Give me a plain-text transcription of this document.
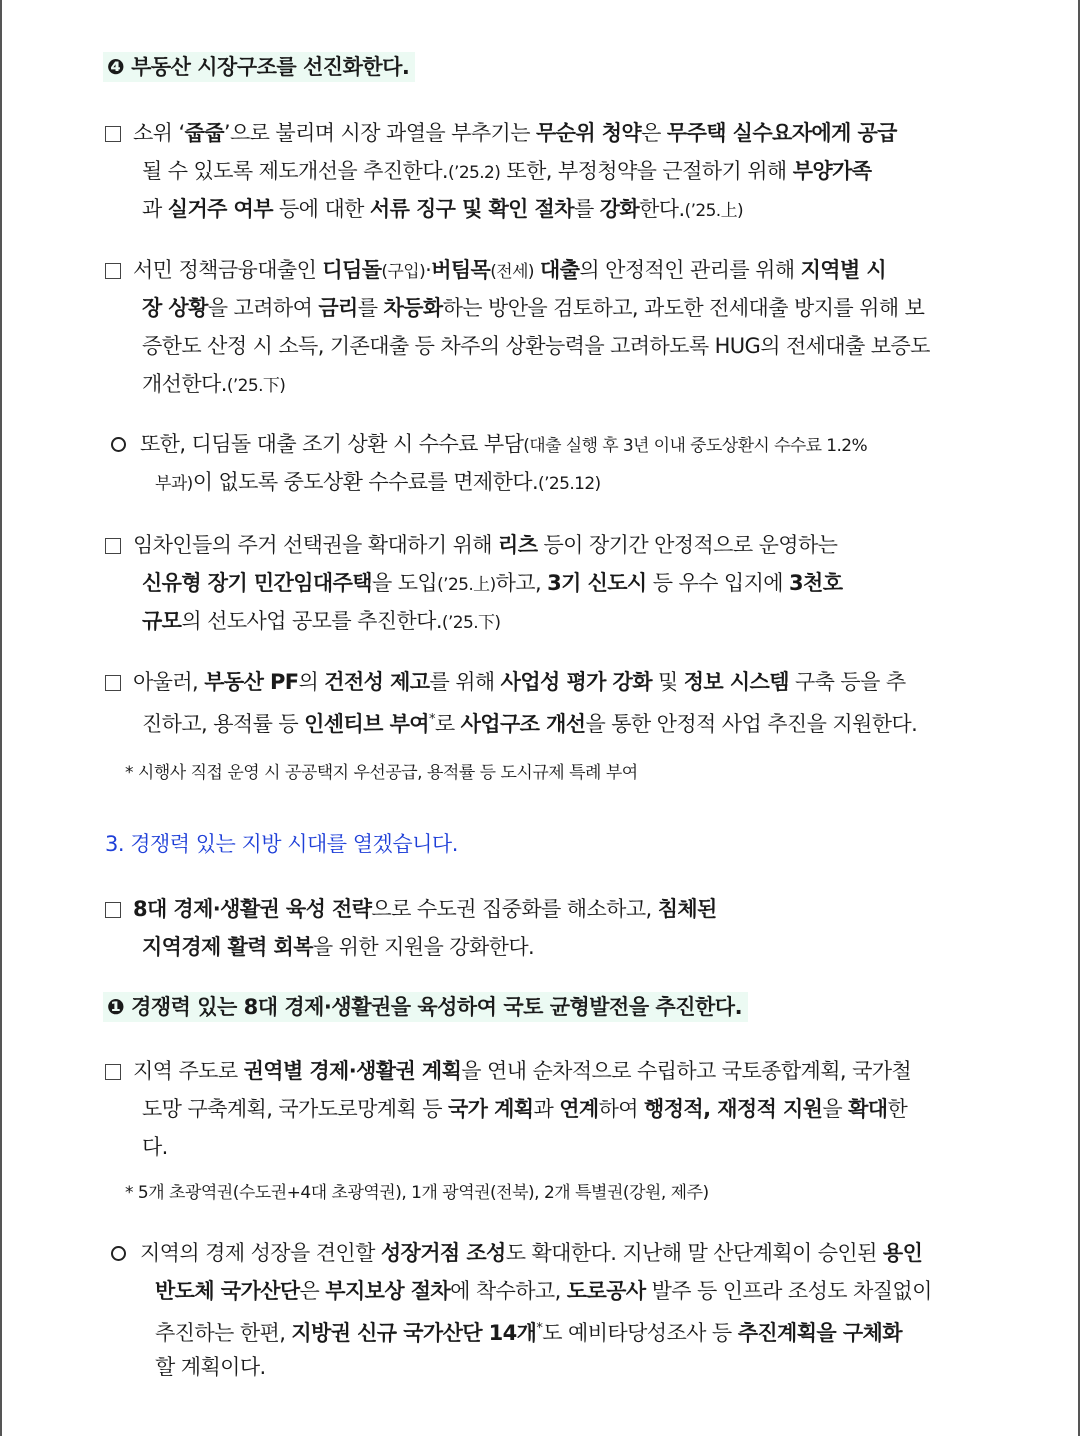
❹ 부동산 시장구조를 선진화한다.
소위 ‘줍줍’으로 불리며 시장 과열을 부추기는 무순위 청약은 무주택 실수요자에게 공급
될 수 있도록 제도개선을 추진한다.(’25.2) 또한, 부정청약을 근절하기 위해 부양가족
과 실거주 여부 등에 대한 서류 징구 및 확인 절차를 강화한다.(’25.上)
서민 정책금융대출인 디딤돌(구입)·버팀목(전세) 대출의 안정적인 관리를 위해 지역별 시
장 상황을 고려하여 금리를 차등화하는 방안을 검토하고, 과도한 전세대출 방지를 위해 보
증한도 산정 시 소득, 기존대출 등 차주의 상환능력을 고려하도록 HUG의 전세대출 보증도
개선한다.(’25.下)
또한, 디딤돌 대출 조기 상환 시 수수료 부담(대출 실행 후 3년 이내 중도상환시 수수료 1.2%
부과)이 없도록 중도상환 수수료를 면제한다.(’25.12)
임차인들의 주거 선택권을 확대하기 위해 리츠 등이 장기간 안정적으로 운영하는
신유형 장기 민간임대주택을 도입(’25.上)하고, 3기 신도시 등 우수 입지에 3천호
규모의 선도사업 공모를 추진한다.(’25.下)
아울러, 부동산 PF의 건전성 제고를 위해 사업성 평가 강화 및 정보 시스템 구축 등을 추
진하고, 용적률 등 인센티브 부여*로 사업구조 개선을 통한 안정적 사업 추진을 지원한다.
* 시행사 직접 운영 시 공공택지 우선공급, 용적률 등 도시규제 특례 부여
3. 경쟁력 있는 지방 시대를 열겠습니다.
8대 경제·생활권 육성 전략으로 수도권 집중화를 해소하고, 침체된
지역경제 활력 회복을 위한 지원을 강화한다.
❶ 경쟁력 있는 8대 경제·생활권을 육성하여 국토 균형발전을 추진한다.
지역 주도로 권역별 경제·생활권 계획을 연내 순차적으로 수립하고 국토종합계획, 국가철
도망 구축계획, 국가도로망계획 등 국가 계획과 연계하여 행정적, 재정적 지원을 확대한
다.
* 5개 초광역권(수도권+4대 초광역권), 1개 광역권(전북), 2개 특별권(강원, 제주)
지역의 경제 성장을 견인할 성장거점 조성도 확대한다. 지난해 말 산단계획이 승인된 용인
반도체 국가산단은 부지보상 절차에 착수하고, 도로공사 발주 등 인프라 조성도 차질없이
추진하는 한편, 지방권 신규 국가산단 14개*도 예비타당성조사 등 추진계획을 구체화
할 계획이다.
